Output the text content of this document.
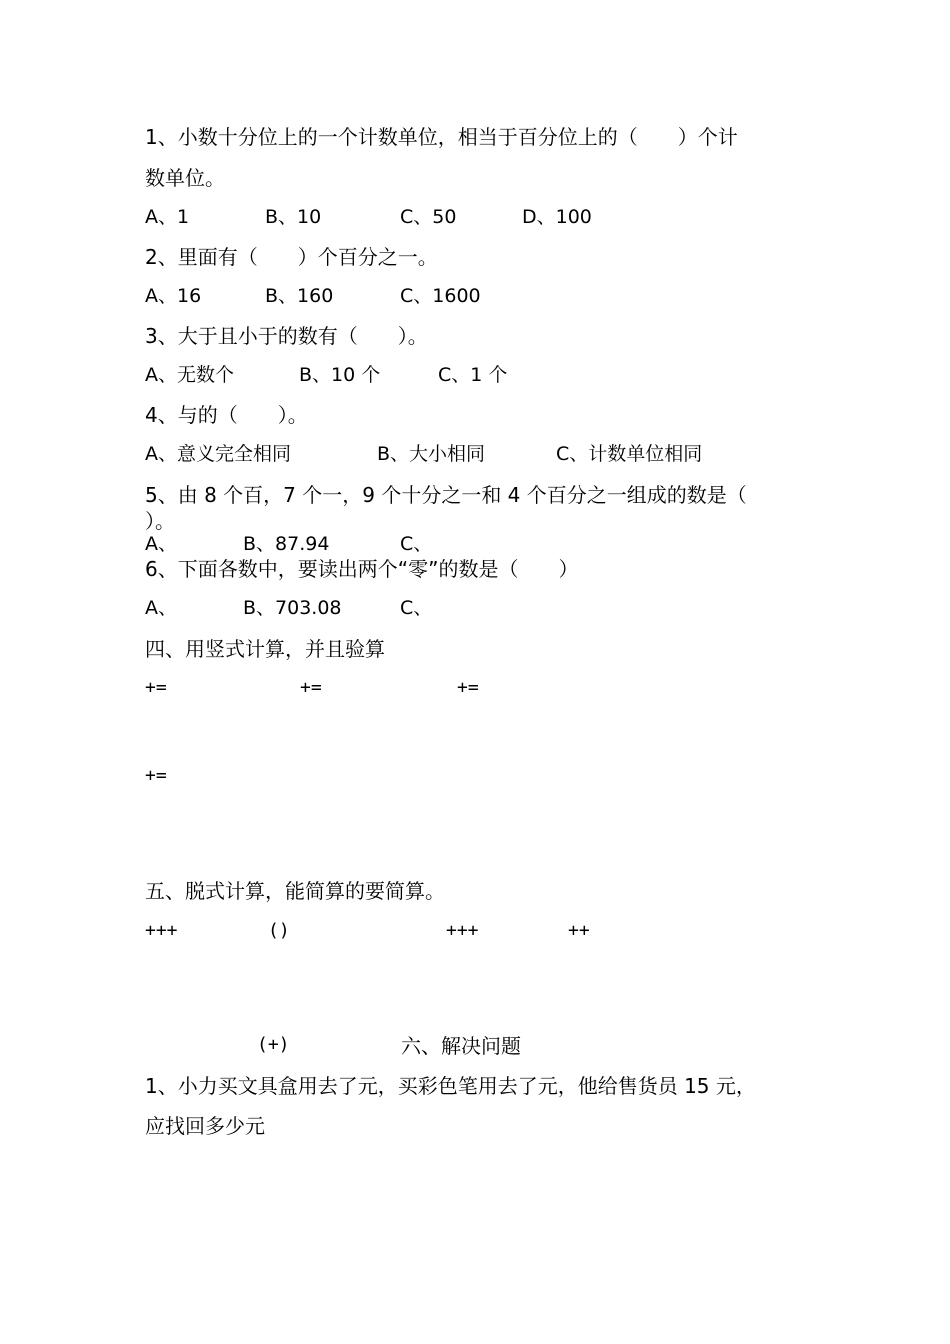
1、小数十分位上的一个计数单位，相当于百分位上的（　　）个计
数单位。
A、1	B、10	C、50	D、100
2、里面有（　　）个百分之一。
A、16	B、160	C、1600
3、大于且小于的数有（　　）。
A、无数个	B、10 个	C、1 个
4、与的（　　）。
A、意义完全相同	B、大小相同	C、计数单位相同
5、由 8 个百，7 个一，9 个十分之一和 4 个百分之一组成的数是（
）。
A、	B、87.94	C、
6、下面各数中，要读出两个“零”的数是（　　）
A、	B、703.08	C、
四、用竖式计算，并且验算
+=	+=	+=
+=
五、脱式计算，能简算的要简算。
+++	()	+++	++
(+)	六、解决问题
1、小力买文具盒用去了元，买彩色笔用去了元，他给售货员 15 元，
应找回多少元
